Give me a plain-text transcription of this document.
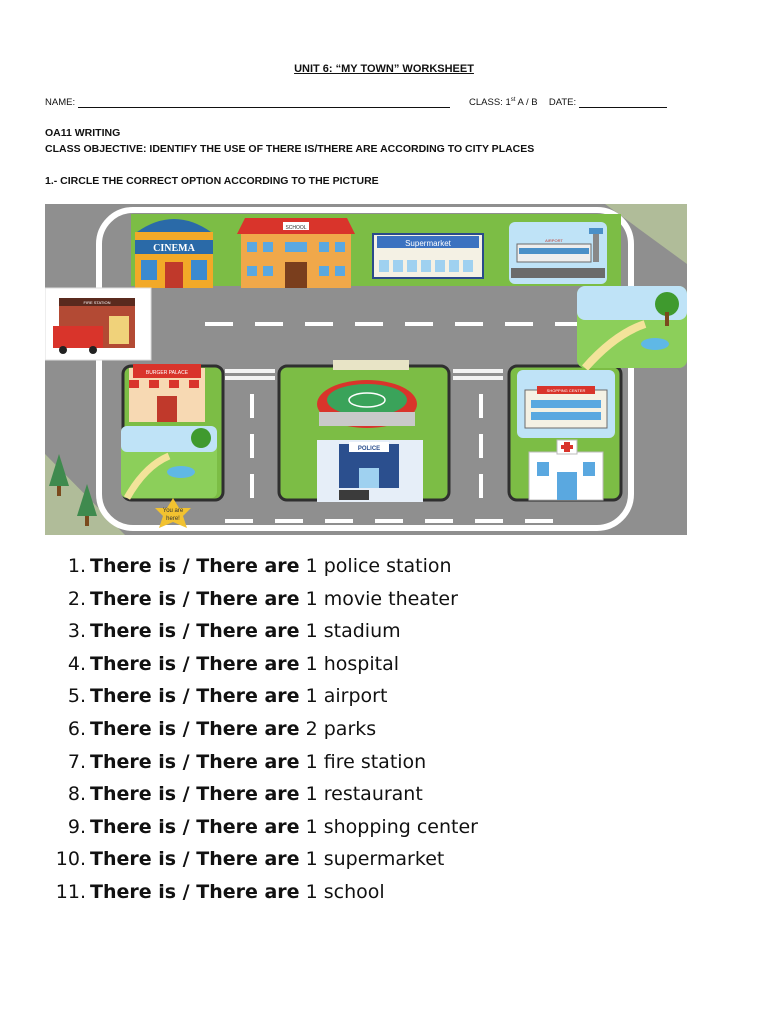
UNIT 6: “MY TOWN” WORKSHEET
NAME:	CLASS: 1st A / B DATE:
OA11 WRITING
CLASS OBJECTIVE: IDENTIFY THE USE OF THERE IS/THERE ARE ACCORDING TO CITY PLACES
1.- CIRCLE THE CORRECT OPTION ACCORDING TO THE PICTURE
CINEMA
SCHOOL
Supermarket	AIRPORT
FIRE STATION
BURGER PALACE
POLICE
SHOPPING CENTER
You are
here!
1. There is / There are 1 police station
2. There is / There are 1 movie theater
3. There is / There are 1 stadium
4. There is / There are 1 hospital
5. There is / There are 1 airport
6. There is / There are 2 parks
7. There is / There are 1 fire station
8. There is / There are 1 restaurant
9. There is / There are 1 shopping center
10. There is / There are 1 supermarket
11. There is / There are 1 school
